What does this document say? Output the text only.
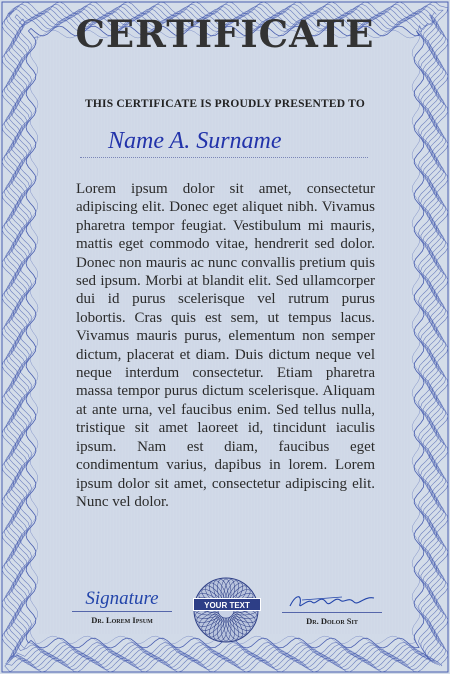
CERTIFICATE
THIS CERTIFICATE IS PROUDLY PRESENTED TO
Name A. Surname
Lorem ipsum dolor sit amet, consectetur adipiscing elit. Donec eget aliquet nibh. Vivamus pharetra tempor feugiat. Vestibulum mi mauris, mattis eget commodo vitae, hendrerit sed dolor. Donec non mauris ac nunc convallis pretium quis sed ipsum. Morbi at blandit elit. Sed ullamcorper dui id purus scelerisque vel rutrum purus lobortis. Cras quis est sem, ut tempus lacus. Vivamus mauris purus, elementum non semper dictum, placerat et diam. Duis dictum neque vel neque interdum consectetur. Etiam pharetra massa tempor purus dictum scelerisque. Aliquam at ante urna, vel faucibus enim. Sed tellus nulla, tristique sit amet laoreet id, tincidunt iaculis ipsum. Nam est diam, faucibus eget condimentum varius, dapibus in lorem. Lorem ipsum dolor sit amet, consectetur adipiscing elit. Nunc vel dolor.
Signature
Dr. Lorem Ipsum
YOUR TEXT
Dr. Dolor Sit
